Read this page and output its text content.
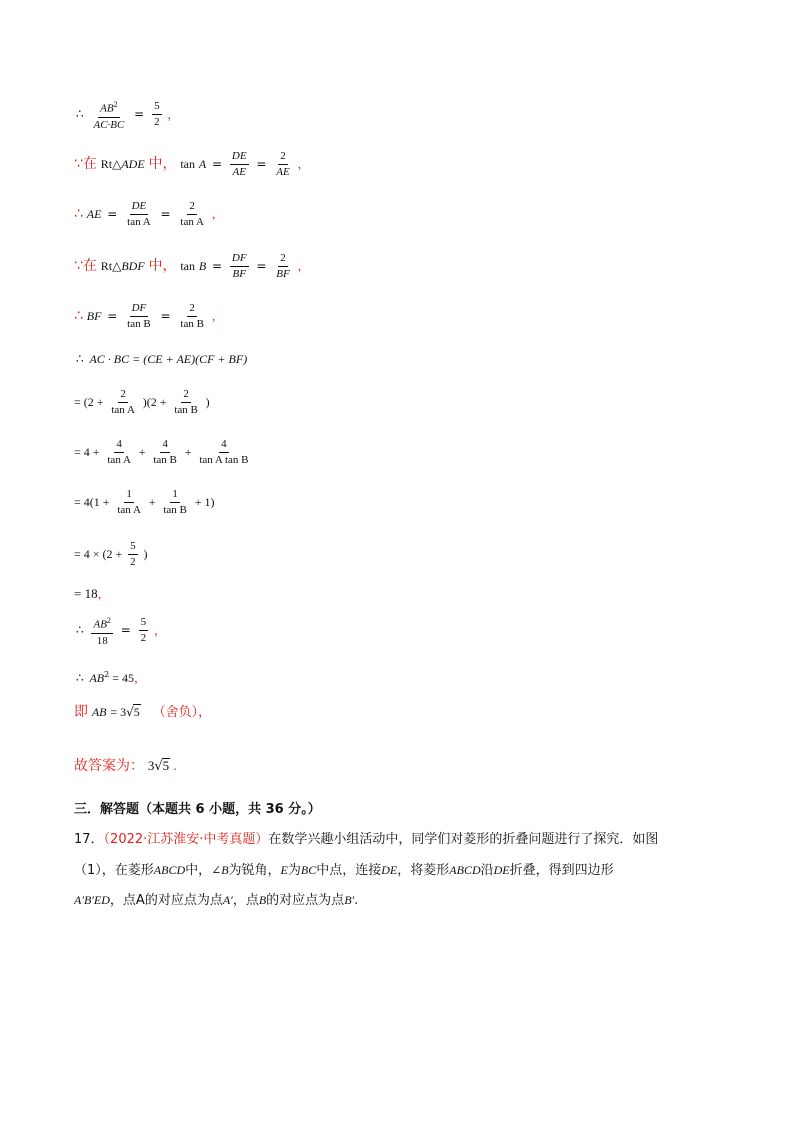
∴ $\frac{AB^2}{AC\cdot BC} = \frac{5}{2}$ ，
∵在 Rt△ADE 中， $\tan A = \frac{DE}{AE} = \frac{2}{AE}$ ，
∴ AE = $\frac{DE}{\text{tan A}} = \frac{2}{\text{tan A}}$ ，
∵在 Rt△BDF 中， $\tan B = \frac{DF}{BF} = \frac{2}{BF}$ ，
∴ BF = $\frac{DF}{\text{tan B}} = \frac{2}{\text{tan B}}$ ，
∴ AC · BC = (CE + AE)(CF + BF)
= $(2 + \frac{2}{\text{tan A}} )(2 + \frac{2}{\text{tan B}}$ )
= $4 + \frac{4}{\text{tan A}} + \frac{4}{\text{tan B}} + \frac{4}{\text{tan A tan B}}$
= $4(1 + \frac{1}{\text{tan A}} + \frac{1}{\text{tan B}} + 1)$
= $4 \times (2 + \frac{5}{2}$ )
= 18，
∴ $\frac{AB^2}{18} = \frac{5}{2}$ ，
∴ $AB^2 = 45$，
即 AB = 3√5 （舍负），
故答案为： 3√5 .
三．解答题（本题共 6 小题，共 36 分。）
17．（2022·江苏淮安·中考真题）在数学兴趣小组活动中，同学们对菱形的折叠问题进行了探究．如图
（1），在菱形ABCD中，∠B为锐角，E为BC中点，连接DE，将菱形ABCD沿DE折叠，得到四边形
A′B′ED，点A的对应点为点A′，点B的对应点为点B′.
